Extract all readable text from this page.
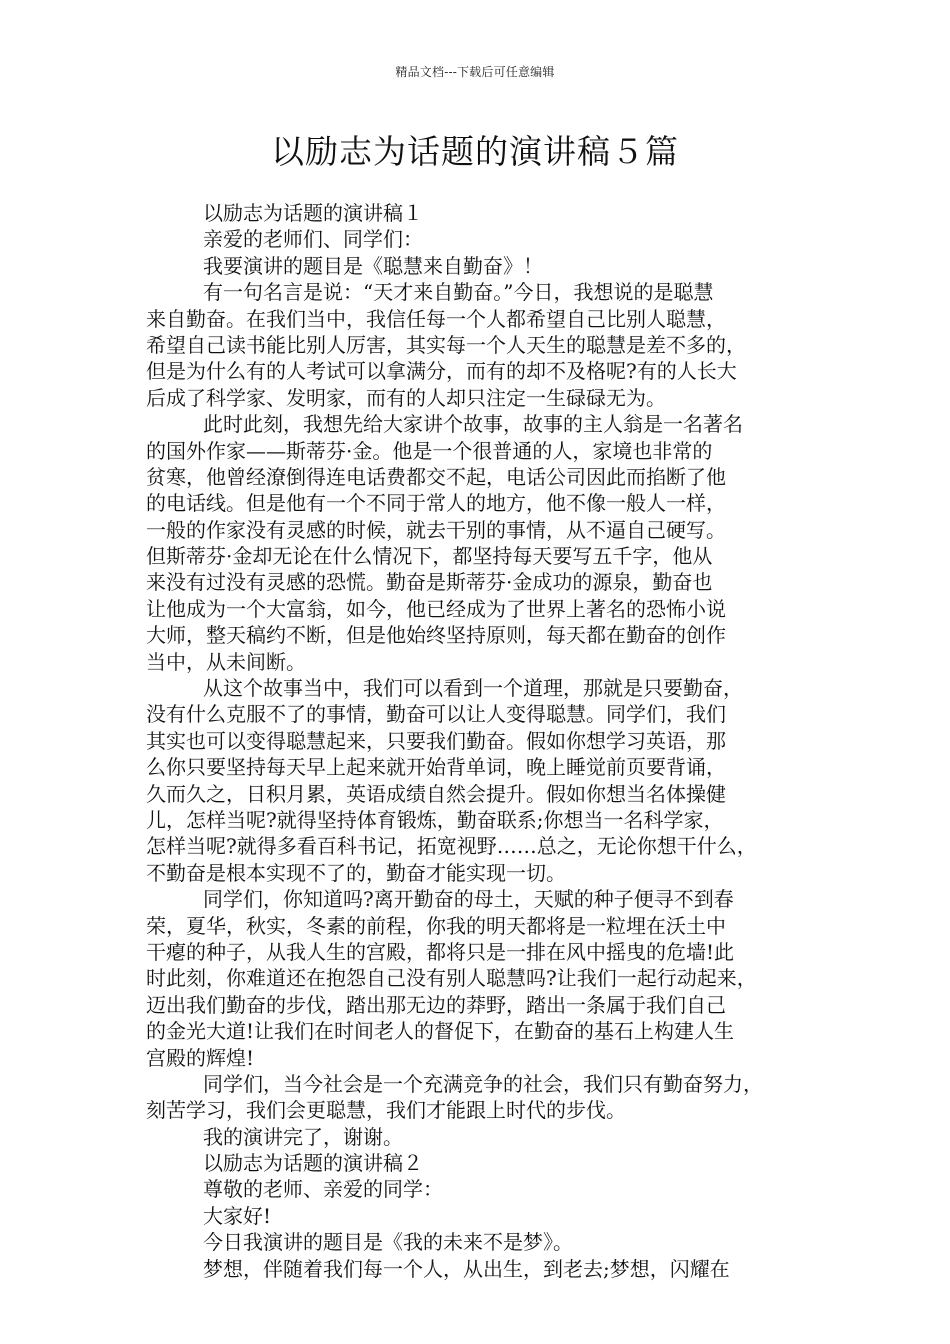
精品文档---下载后可任意编辑
以励志为话题的演讲稿５篇
以励志为话题的演讲稿１
亲爱的老师们、同学们：
我要演讲的题目是《聪慧来自勤奋》！
有一句名言是说：“天才来自勤奋。”今日，我想说的是聪慧
来自勤奋。在我们当中，我信任每一个人都希望自己比别人聪慧，
希望自己读书能比别人厉害，其实每一个人天生的聪慧是差不多的，
但是为什么有的人考试可以拿满分，而有的却不及格呢?有的人长大
后成了科学家、发明家，而有的人却只注定一生碌碌无为。
此时此刻，我想先给大家讲个故事，故事的主人翁是一名著名
的国外作家——斯蒂芬·金。他是一个很普通的人，家境也非常的
贫寒，他曾经潦倒得连电话费都交不起，电话公司因此而掐断了他
的电话线。但是他有一个不同于常人的地方，他不像一般人一样，
一般的作家没有灵感的时候，就去干别的事情，从不逼自己硬写。
但斯蒂芬·金却无论在什么情况下，都坚持每天要写五千字，他从
来没有过没有灵感的恐慌。勤奋是斯蒂芬·金成功的源泉，勤奋也
让他成为一个大富翁，如今，他已经成为了世界上著名的恐怖小说
大师，整天稿约不断，但是他始终坚持原则，每天都在勤奋的创作
当中，从未间断。
从这个故事当中，我们可以看到一个道理，那就是只要勤奋，
没有什么克服不了的事情，勤奋可以让人变得聪慧。同学们，我们
其实也可以变得聪慧起来，只要我们勤奋。假如你想学习英语，那
么你只要坚持每天早上起来就开始背单词，晚上睡觉前页要背诵，
久而久之，日积月累，英语成绩自然会提升。假如你想当名体操健
儿，怎样当呢?就得坚持体育锻炼，勤奋联系;你想当一名科学家，
怎样当呢?就得多看百科书记，拓宽视野……总之，无论你想干什么，
不勤奋是根本实现不了的，勤奋才能实现一切。
同学们，你知道吗?离开勤奋的母土，天赋的种子便寻不到春
荣，夏华，秋实，冬素的前程，你我的明天都将是一粒埋在沃土中
干瘪的种子，从我人生的宫殿，都将只是一排在风中摇曳的危墙!此
时此刻，你难道还在抱怨自己没有别人聪慧吗?让我们一起行动起来，
迈出我们勤奋的步伐，踏出那无边的莽野，踏出一条属于我们自己
的金光大道!让我们在时间老人的督促下，在勤奋的基石上构建人生
宫殿的辉煌!
同学们，当今社会是一个充满竞争的社会，我们只有勤奋努力，
刻苦学习，我们会更聪慧，我们才能跟上时代的步伐。
我的演讲完了，谢谢。
以励志为话题的演讲稿２
尊敬的老师、亲爱的同学：
大家好!
今日我演讲的题目是《我的未来不是梦》。
梦想，伴随着我们每一个人，从出生，到老去;梦想，闪耀在
